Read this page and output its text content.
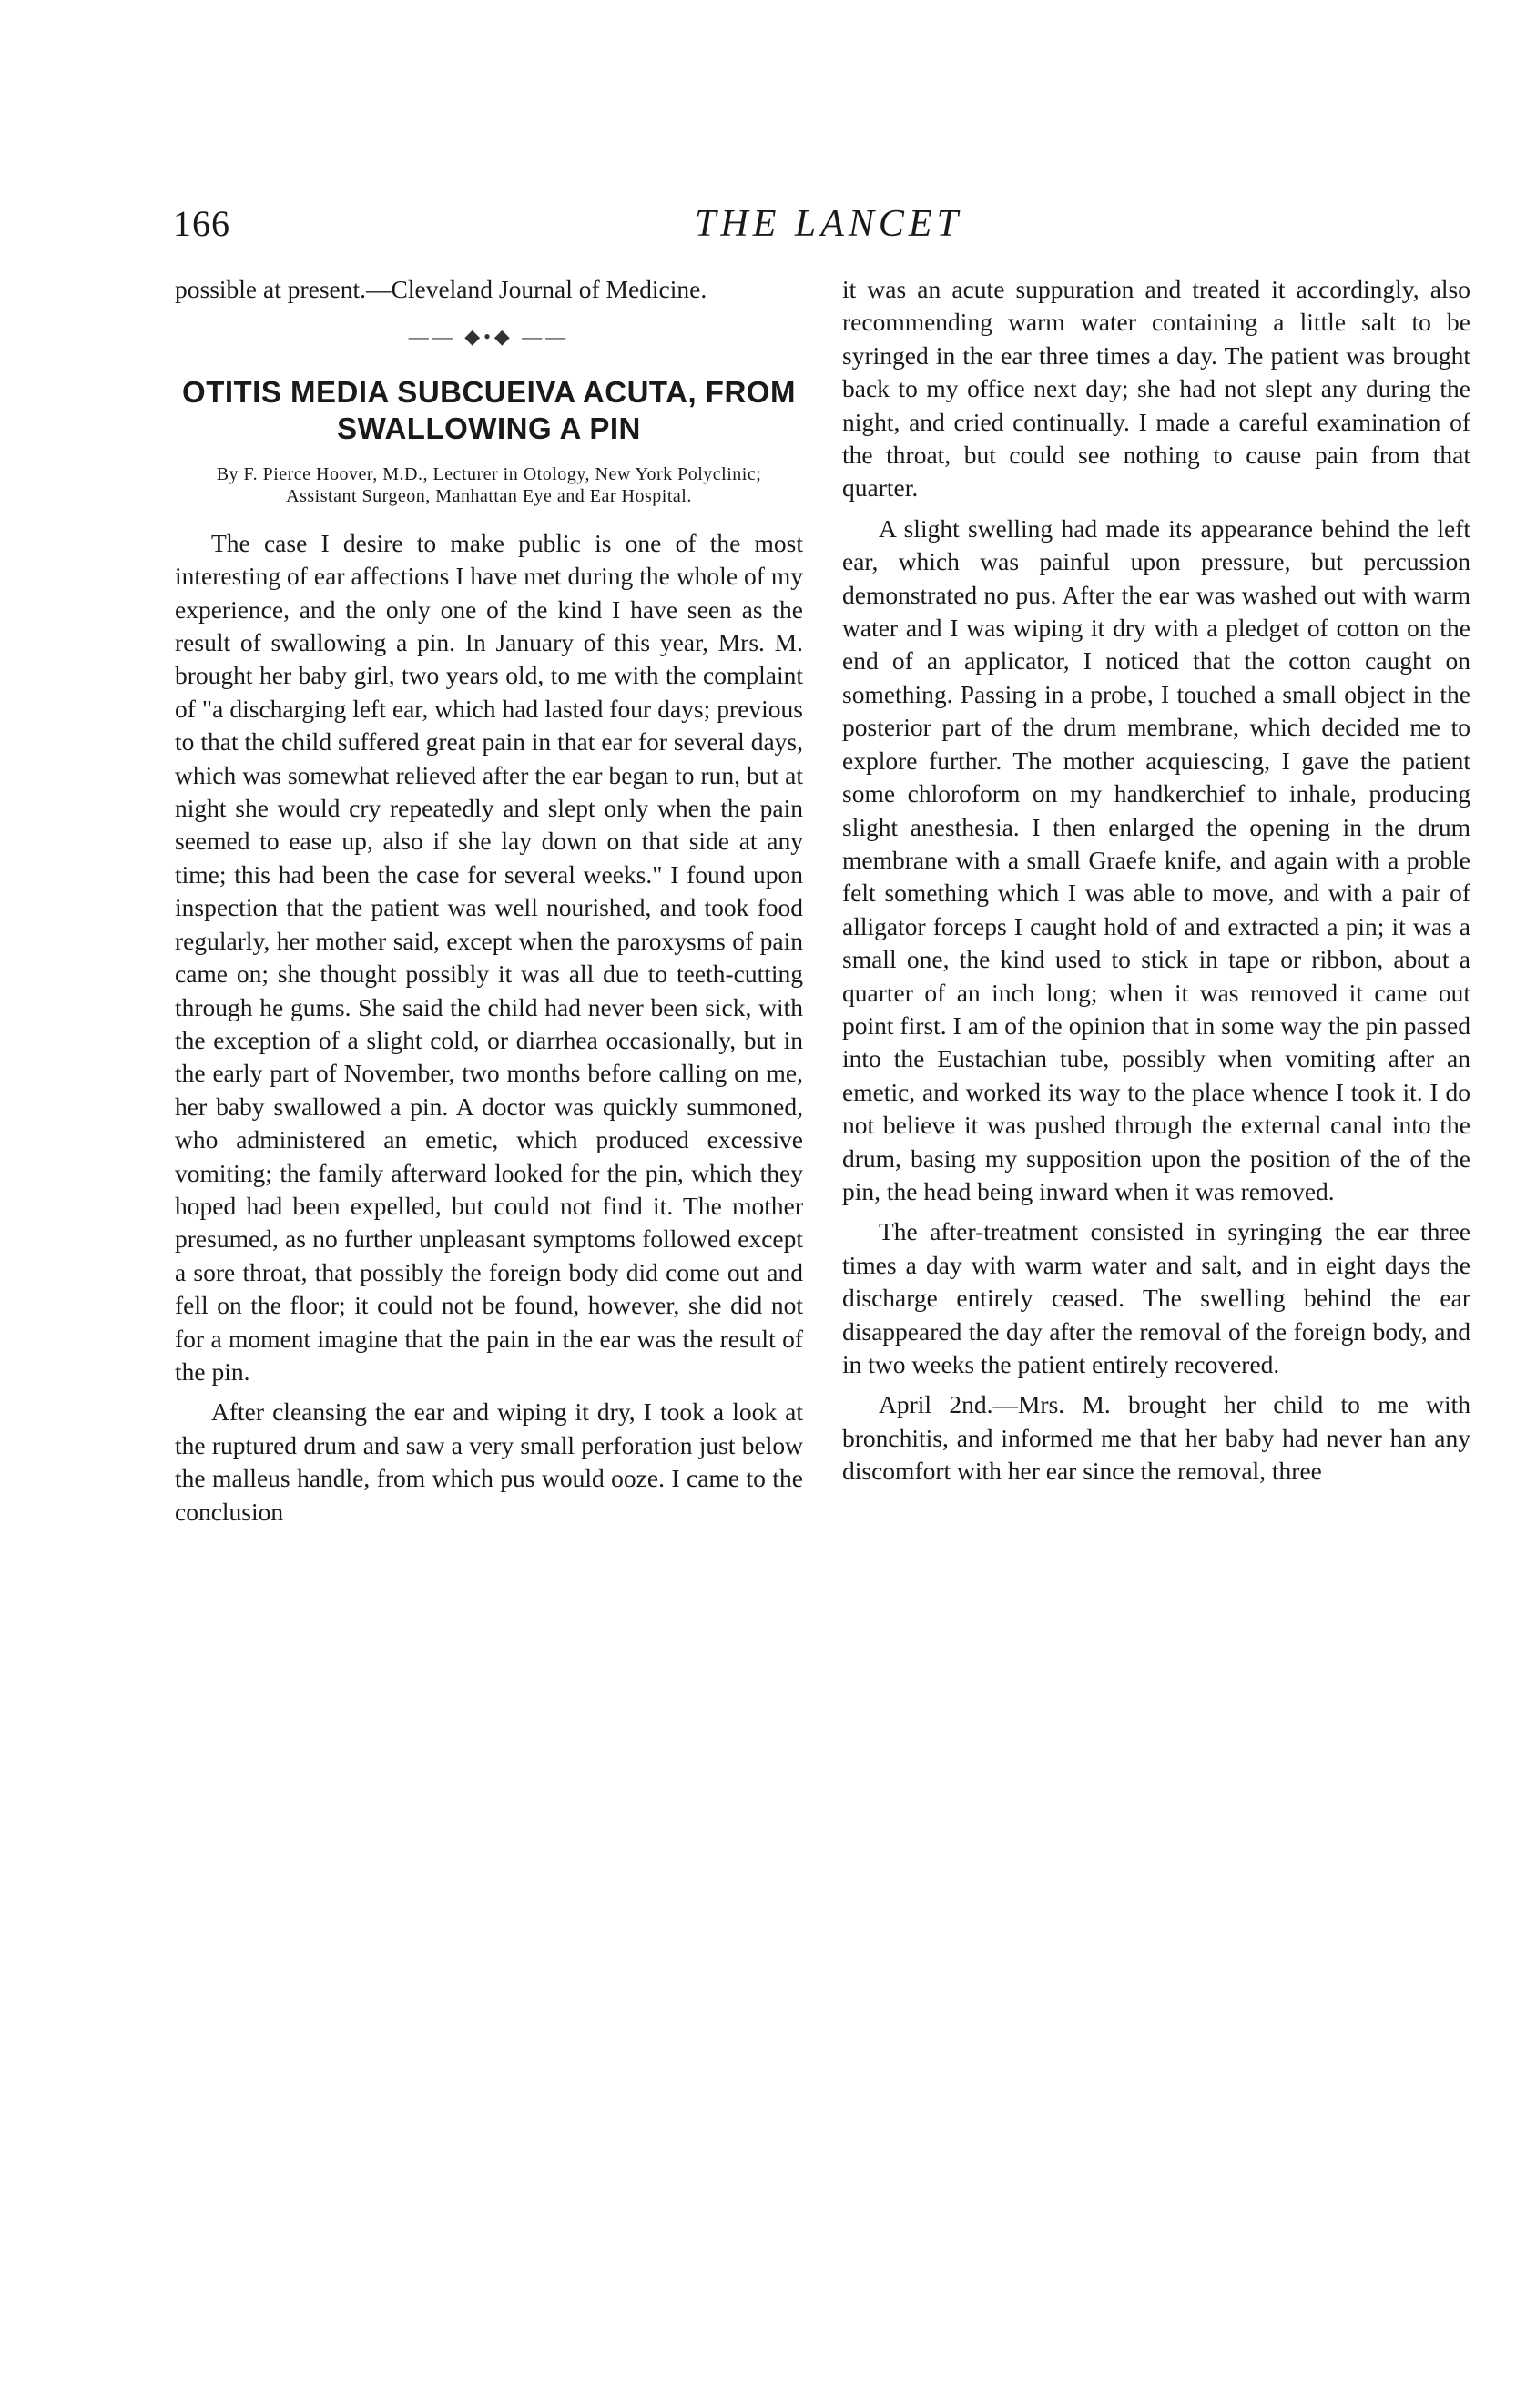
166	THE LANCET

possible at present.—Cleveland Journal of Medicine.

—— ◆•◆ ——
OTITIS MEDIA SUBCUEIVA ACUTA, FROM SWALLOWING A PIN
By F. Pierce Hoover, M.D., Lecturer in Otology, New York Polyclinic; Assistant Surgeon, Manhattan Eye and Ear Hospital.

The case I desire to make public is one of the most interesting of ear affections I have met during the whole of my experience, and the only one of the kind I have seen as the result of swallowing a pin. In January of this year, Mrs. M. brought her baby girl, two years old, to me with the complaint of "a discharging left ear, which had lasted four days; previous to that the child suffered great pain in that ear for several days, which was somewhat relieved after the ear began to run, but at night she would cry repeatedly and slept only when the pain seemed to ease up, also if she lay down on that side at any time; this had been the case for several weeks." I found upon inspection that the patient was well nourished, and took food regularly, her mother said, except when the paroxysms of pain came on; she thought possibly it was all due to teeth-cutting through he gums. She said the child had never been sick, with the exception of a slight cold, or diarrhea occasionally, but in the early part of November, two months before calling on me, her baby swallowed a pin. A doctor was quickly summoned, who administered an emetic, which produced excessive vomiting; the family afterward looked for the pin, which they hoped had been expelled, but could not find it. The mother presumed, as no further unpleasant symptoms followed except a sore throat, that possibly the foreign body did come out and fell on the floor; it could not be found, however, she did not for a moment imagine that the pain in the ear was the result of the pin.

After cleansing the ear and wiping it dry, I took a look at the ruptured drum and saw a very small perforation just below the malleus handle, from which pus would ooze. I came to the conclusion

it was an acute suppuration and treated it accordingly, also recommending warm water containing a little salt to be syringed in the ear three times a day. The patient was brought back to my office next day; she had not slept any during the night, and cried continually. I made a careful examination of the throat, but could see nothing to cause pain from that quarter.

A slight swelling had made its appearance behind the left ear, which was painful upon pressure, but percussion demonstrated no pus. After the ear was washed out with warm water and I was wiping it dry with a pledget of cotton on the end of an applicator, I noticed that the cotton caught on something. Passing in a probe, I touched a small object in the posterior part of the drum membrane, which decided me to explore further. The mother acquiescing, I gave the patient some chloroform on my handkerchief to inhale, producing slight anesthesia. I then enlarged the opening in the drum membrane with a small Graefe knife, and again with a proble felt something which I was able to move, and with a pair of alligator forceps I caught hold of and extracted a pin; it was a small one, the kind used to stick in tape or ribbon, about a quarter of an inch long; when it was removed it came out point first. I am of the opinion that in some way the pin passed into the Eustachian tube, possibly when vomiting after an emetic, and worked its way to the place whence I took it. I do not believe it was pushed through the external canal into the drum, basing my supposition upon the position of the of the pin, the head being inward when it was removed.

The after-treatment consisted in syringing the ear three times a day with warm water and salt, and in eight days the discharge entirely ceased. The swelling behind the ear disappeared the day after the removal of the foreign body, and in two weeks the patient entirely recovered.

April 2nd.—Mrs. M. brought her child to me with bronchitis, and informed me that her baby had never han any discomfort with her ear since the removal, three
